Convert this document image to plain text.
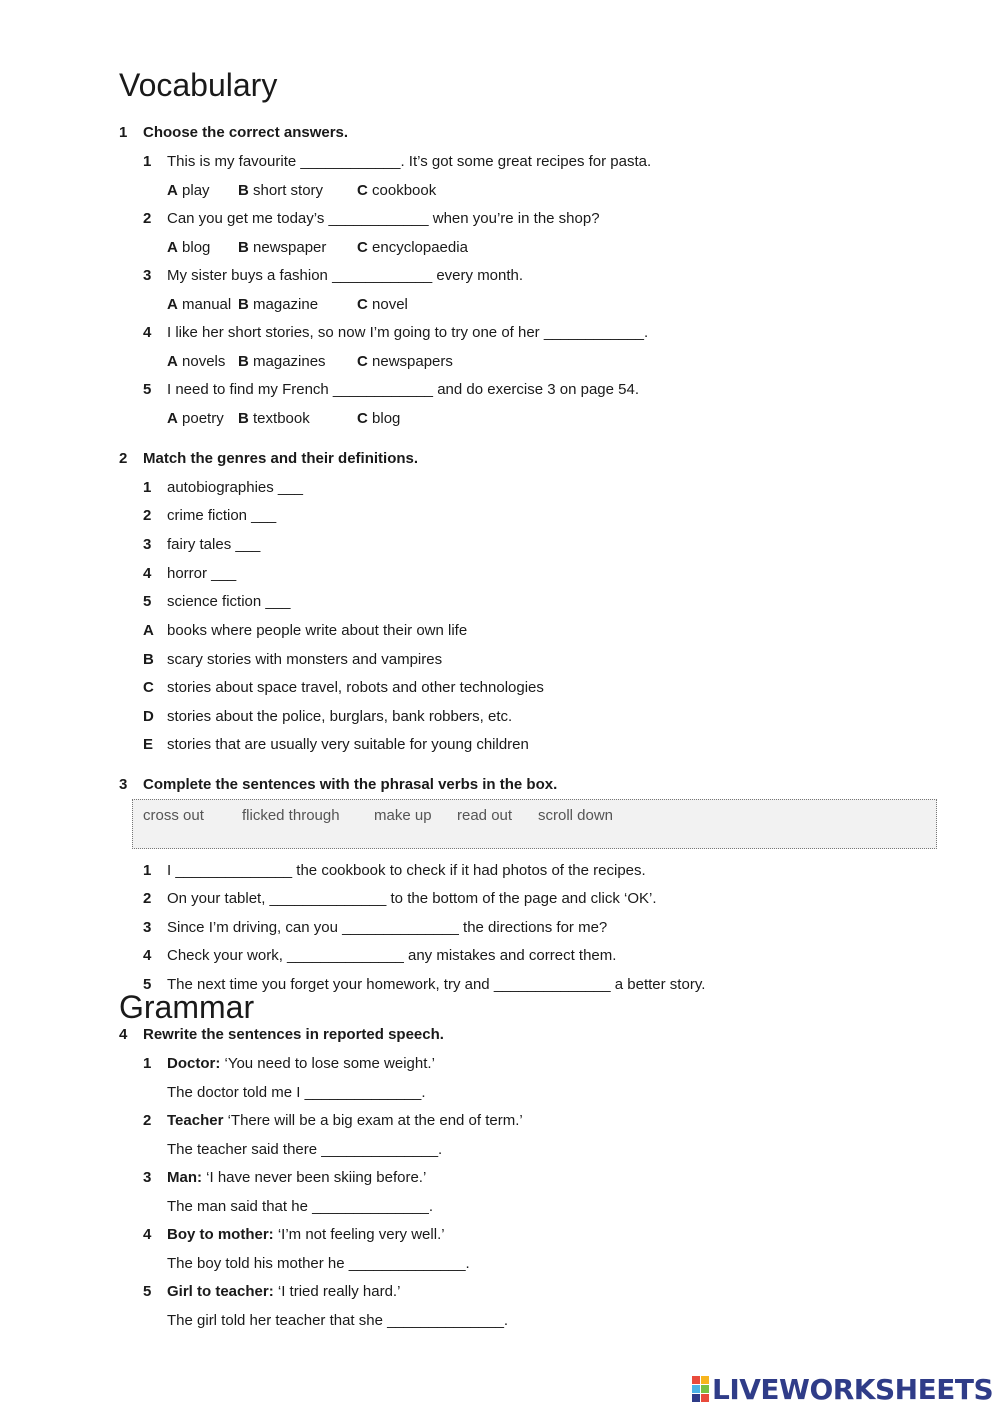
Vocabulary
1 Choose the correct answers.
1 This is my favourite ____________. It’s got some great recipes for pasta.
A play B short story C cookbook
2 Can you get me today’s ____________ when you’re in the shop?
A blog B newspaper C encyclopaedia
3 My sister buys a fashion ____________ every month.
A manual B magazine	C novel
4 I like her short stories, so now I’m going to try one of her ____________.
A novels B magazines C newspapers
5 I need to find my French ____________ and do exercise 3 on page 54.
A poetry B textbook	C blog
2 Match the genres and their definitions.
1 autobiographies ___
2 crime fiction ___
3 fairy tales ___
4 horror ___
5 science fiction ___
A books where people write about their own life
B scary stories with monsters and vampires
C stories about space travel, robots and other technologies
D stories about the police, burglars, bank robbers, etc.
E stories that are usually very suitable for young children
3 Complete the sentences with the phrasal verbs in the box.
cross out	flicked through make up read out scroll down
1 I ______________ the cookbook to check if it had photos of the recipes.
2 On your tablet, ______________ to the bottom of the page and click ‘OK’.
3 Since I’m driving, can you ______________ the directions for me?
4 Check your work, ______________ any mistakes and correct them.
5 The next time you forget your homework, try and ______________ a better story.
Grammar
4 Rewrite the sentences in reported speech.
1 Doctor: ‘You need to lose some weight.’
The doctor told me I ______________.
2 Teacher ‘There will be a big exam at the end of term.’
The teacher said there ______________.
3 Man: ‘I have never been skiing before.’
The man said that he ______________.
4 Boy to mother: ‘I’m not feeling very well.’
The boy told his mother he ______________.
5 Girl to teacher: ‘I tried really hard.’
The girl told her teacher that she ______________.
LIVEWORKSHEETS
